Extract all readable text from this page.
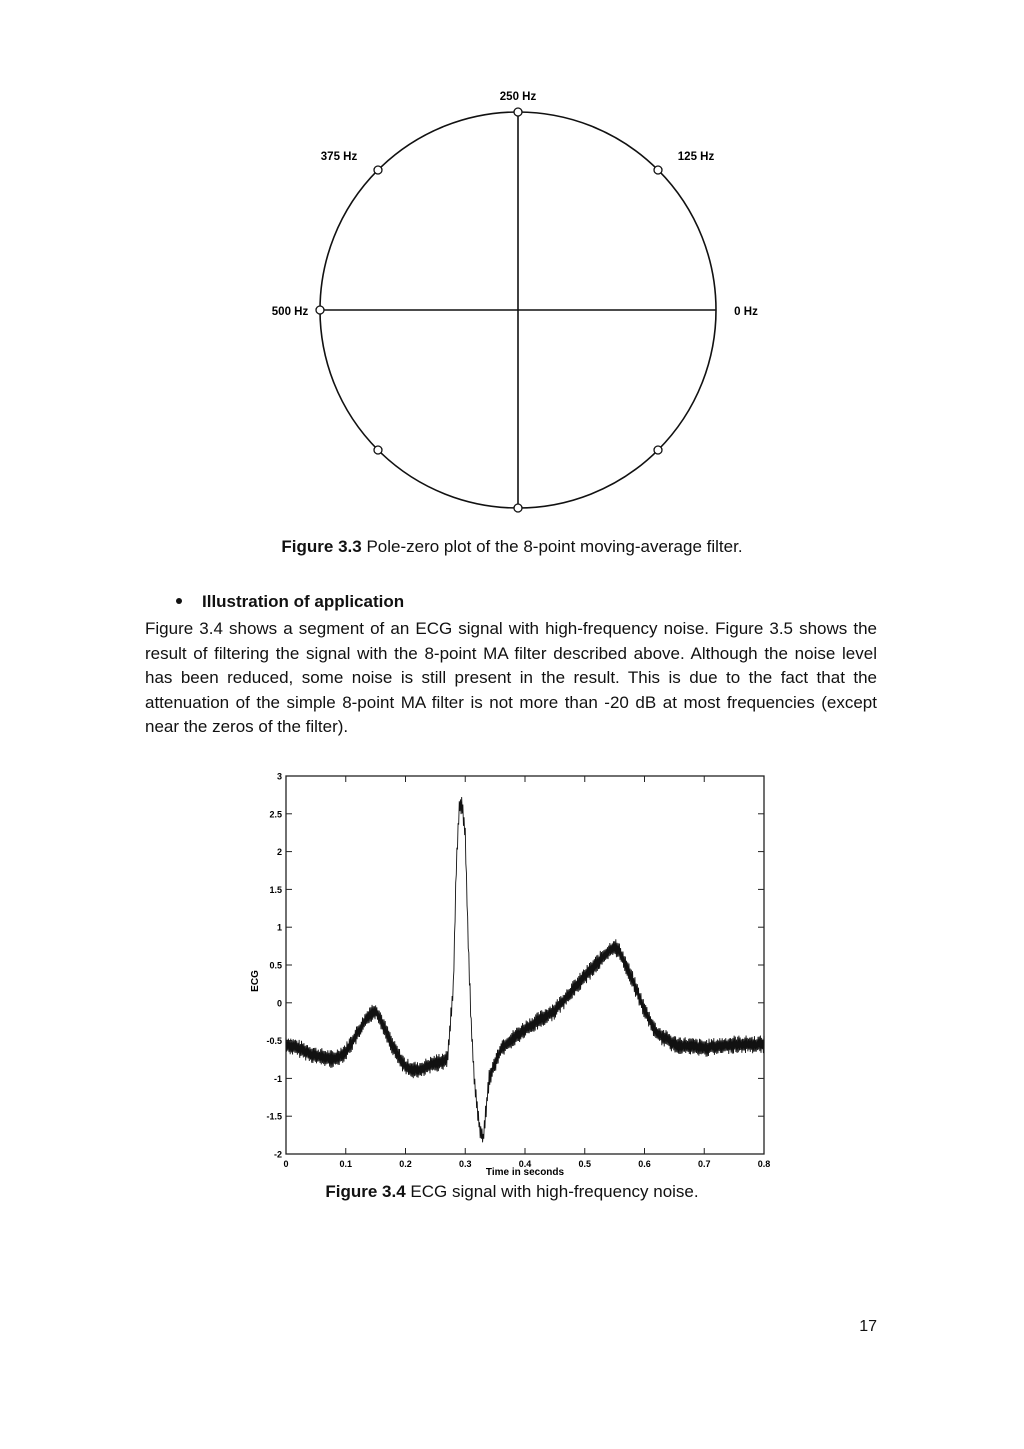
250 Hz
375 Hz	125 Hz
500 Hz	0 Hz
Figure 3.3 Pole-zero plot of the 8-point moving-average filter.
Illustration of application
Figure 3.4 shows a segment of an ECG signal with high-frequency noise. Figure 3.5 shows the result of filtering the signal with the 8-point MA filter described above. Although the noise level has been reduced, some noise is still present in the result. This is due to the fact that the attenuation of the simple 8-point MA filter is not more than -20 dB at most frequencies (except near the zeros of the filter).
0	0.1	0.2	0.3	0.4	0.5	0.6	0.7	0.8
-2
-1.5
-1
-0.5
0
0.5
1
1.5
2
2.5
3
Time in seconds
ECG
Figure 3.4 ECG signal with high-frequency noise.
17
